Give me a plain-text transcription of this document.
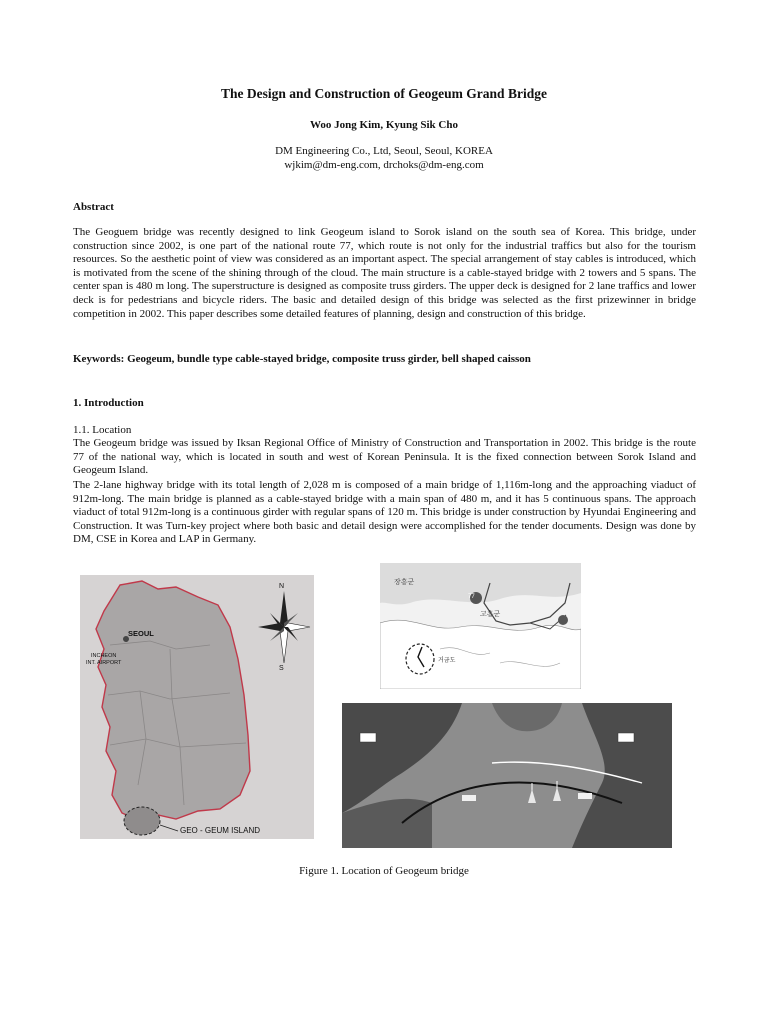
The Design and Construction of Geogeum Grand Bridge
Woo Jong Kim, Kyung Sik Cho
DM Engineering Co., Ltd, Seoul, Seoul, KOREA
wjkim@dm-eng.com, drchoks@dm-eng.com
Abstract
The Geoguem bridge was recently designed to link Geogeum island to Sorok island on the south sea of Korea. This bridge, under construction since 2002, is one part of the national route 77, which route is not only for the industrial traffics but also for the tourism resources. So the aesthetic point of view was considered as an important aspect. The special arrangement of stay cables is introduced, which is motivated from the scene of the shining through of the cloud. The main structure is a cable-stayed bridge with 2 towers and 5 spans. The center span is 480 m long. The superstructure is designed as composite truss girders. The upper deck is designed for 2 lane traffics and lower deck is for pedestrians and bicycle riders. The basic and detailed design of this bridge was selected as the first prizewinner in bridge competition in 2002. This paper describes some detailed features of planning, design and construction of this bridge.
Keywords: Geogeum, bundle type cable-stayed bridge, composite truss girder, bell shaped caisson
1. Introduction
1.1. Location
The Geogeum bridge was issued by Iksan Regional Office of Ministry of Construction and Transportation in 2002. This bridge is the route 77 of the national way, which is located in south and west of Korean Peninsula. It is the fixed connection between Sorok Island and Geogeum Island.
The 2-lane highway bridge with its total length of 2,028 m is composed of a main bridge of 1,116m-long and the approaching viaduct of 912m-long. The main bridge is planned as a cable-stayed bridge with a main span of 480 m, and it has 5 continuous spans. The approach viaduct of total 912m-long is a continuous girder with regular spans of 120 m. This bridge is under construction by Hyundai Engineering and Construction. It was Turn-key project where both basic and detail design were accomplished for the tender documents. Design was done by DM, CSE in Korea and LAP in Germany.
SEOUL
INCHEON
INT. AIRPORT
GEO - GEUM ISLAND
N
S
장흥군
77
고흥군
거금도
Figure 1. Location of Geogeum bridge
